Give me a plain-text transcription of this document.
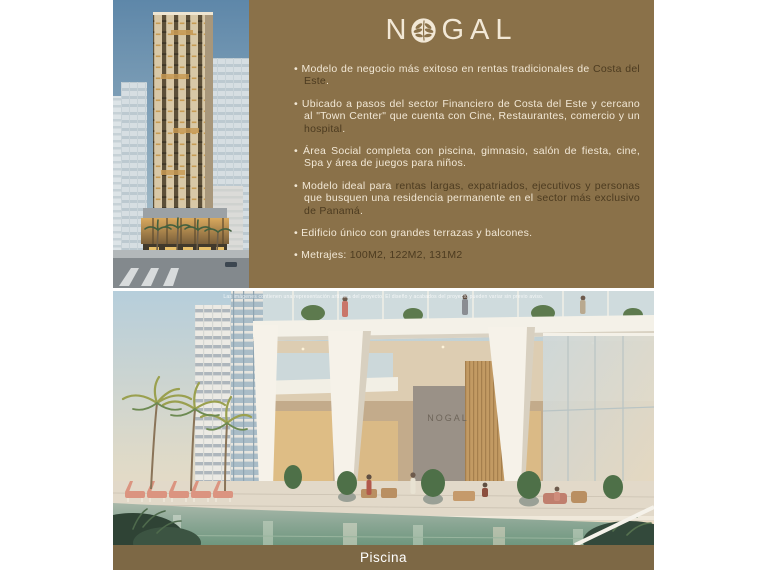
N GAL
• Modelo de negocio más exitoso en rentas tradicionales de Costa del Este.
• Ubicado a pasos del sector Financiero de Costa del Este y cercano al "Town Center" que cuenta con Cine, Restaurantes, comercio y un hospital.
• Área Social completa con piscina, gimnasio, salón de fiesta, cine, Spa y área de juegos para niños.
• Modelo ideal para rentas largas, expatriados, ejecutivos y personas que busquen una residencia permanente en el sector más exclusivo de Panamá.
• Edificio único con grandes terrazas y balcones.
• Metrajes: 100M2, 122M2, 131M2
NOGAL
Las imágenes contienen una representación artística del proyecto. El diseño y acabados del proyecto pueden variar sin previo aviso.
Piscina
